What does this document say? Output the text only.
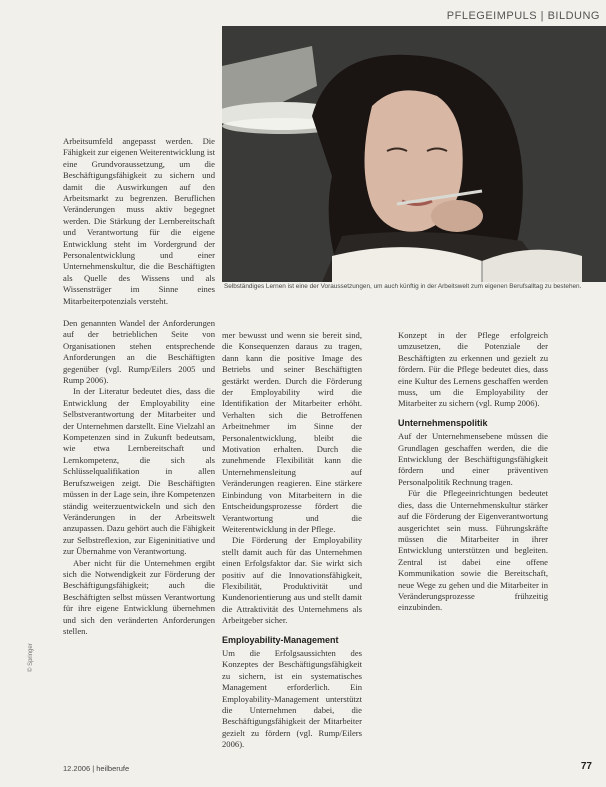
PFLEGEIMPULS | BILDUNG
Selbständiges Lernen ist eine der Voraussetzungen, um auch künftig in der Arbeitswelt zum eigenen Berufsalltag zu bestehen.

Arbeitsumfeld angepasst werden. Die Fähigkeit zur eigenen Weiterentwicklung ist eine Grundvoraussetzung, um die Beschäftigungsfähigkeit zu sichern und damit die Auswirkungen auf den Arbeitsmarkt zu begrenzen. Beruflichen Veränderungen muss aktiv begegnet werden. Die Stärkung der Lernbereitschaft und Verantwortung für die eigene Entwicklung steht im Vordergrund der Personalentwicklung und einer Unternehmenskultur, die die Beschäftigten als Quelle des Wissens und als Wissensträger im Sinne eines Mitarbeiterpotenzials versteht.

Den genannten Wandel der Anforderungen auf der betrieblichen Seite von Organisationen stehen entsprechende Anforderungen an die Beschäftigten gegenüber (vgl. Rump/Eilers 2005 und Rump 2006).

In der Literatur bedeutet dies, dass die Entwicklung der Employability eine Selbstverantwortung der Mitarbeiter und der Unternehmen darstellt. Eine Vielzahl an Kompetenzen sind in Zukunft bedeutsam, wie etwa Lernbereitschaft und Lernkompetenz, die sich als Schlüsselqualifikation in allen Berufszweigen zeigt. Die Beschäftigten müssen in der Lage sein, ihre Kompetenzen ständig weiterzuentwickeln und sich den Veränderungen in der Arbeitswelt anzupassen. Dazu gehört auch die Fähigkeit zur Selbstreflexion, zur Eigeninitiative und zur Übernahme von Verantwortung.

Aber nicht für die Unternehmen ergibt sich die Notwendigkeit zur Förderung der Beschäftigungsfähigkeit; auch die Beschäftigten selbst müssen Verantwortung für ihre eigene Entwicklung übernehmen und sich den veränderten Anforderungen stellen.

mer bewusst und wenn sie bereit sind, die Konsequenzen daraus zu tragen, dann kann die positive Image des Betriebs und seiner Beschäftigten gestärkt werden. Durch die Förderung der Employability wird die Identifikation der Mitarbeiter erhöht. Verhalten sich die Betroffenen Arbeitnehmer im Sinne der Personalentwicklung, bleibt die Motivation erhalten. Durch die zunehmende Flexibilität kann die Unternehmensleitung auf Veränderungen reagieren. Eine stärkere Einbindung von Mitarbeitern in die Entscheidungsprozesse fördert die Verantwortung und die Weiterentwicklung in der Pflege.

Die Förderung der Employability stellt damit auch für das Unternehmen einen Erfolgsfaktor dar. Sie wirkt sich positiv auf die Innovationsfähigkeit, Flexibilität, Produktivität und Kundenorientierung aus und stellt damit die Attraktivität des Unternehmens als Arbeitgeber sicher.

Employability-Management

Um die Erfolgsaussichten des Konzeptes der Beschäftigungsfähigkeit zu sichern, ist ein systematisches Management erforderlich. Ein Employability-Management unterstützt die Unternehmen dabei, die Beschäftigungsfähigkeit der Mitarbeiter gezielt zu fördern (vgl. Rump/Eilers 2006).

Konzept in der Pflege erfolgreich umzusetzen, die Potenziale der Beschäftigten zu erkennen und gezielt zu fördern. Für die Pflege bedeutet dies, dass eine Kultur des Lernens geschaffen werden muss, um die Employability der Mitarbeiter zu sichern (vgl. Rump 2006).

Unternehmenspolitik

Auf der Unternehmensebene müssen die Grundlagen geschaffen werden, die die Entwicklung der Beschäftigungsfähigkeit fördern und einer präventiven Personalpolitik Rechnung tragen.

Für die Pflegeeinrichtungen bedeutet dies, dass die Unternehmenskultur stärker auf die Förderung der Eigenverantwortung ausgerichtet sein muss. Führungskräfte müssen die Mitarbeiter in ihrer Entwicklung unterstützen und begleiten. Zentral ist dabei eine offene Kommunikation sowie die Bereitschaft, neue Wege zu gehen und die Mitarbeiter in Veränderungsprozesse frühzeitig einzubinden.

© Springer
12.2006 | heilberufe	77
